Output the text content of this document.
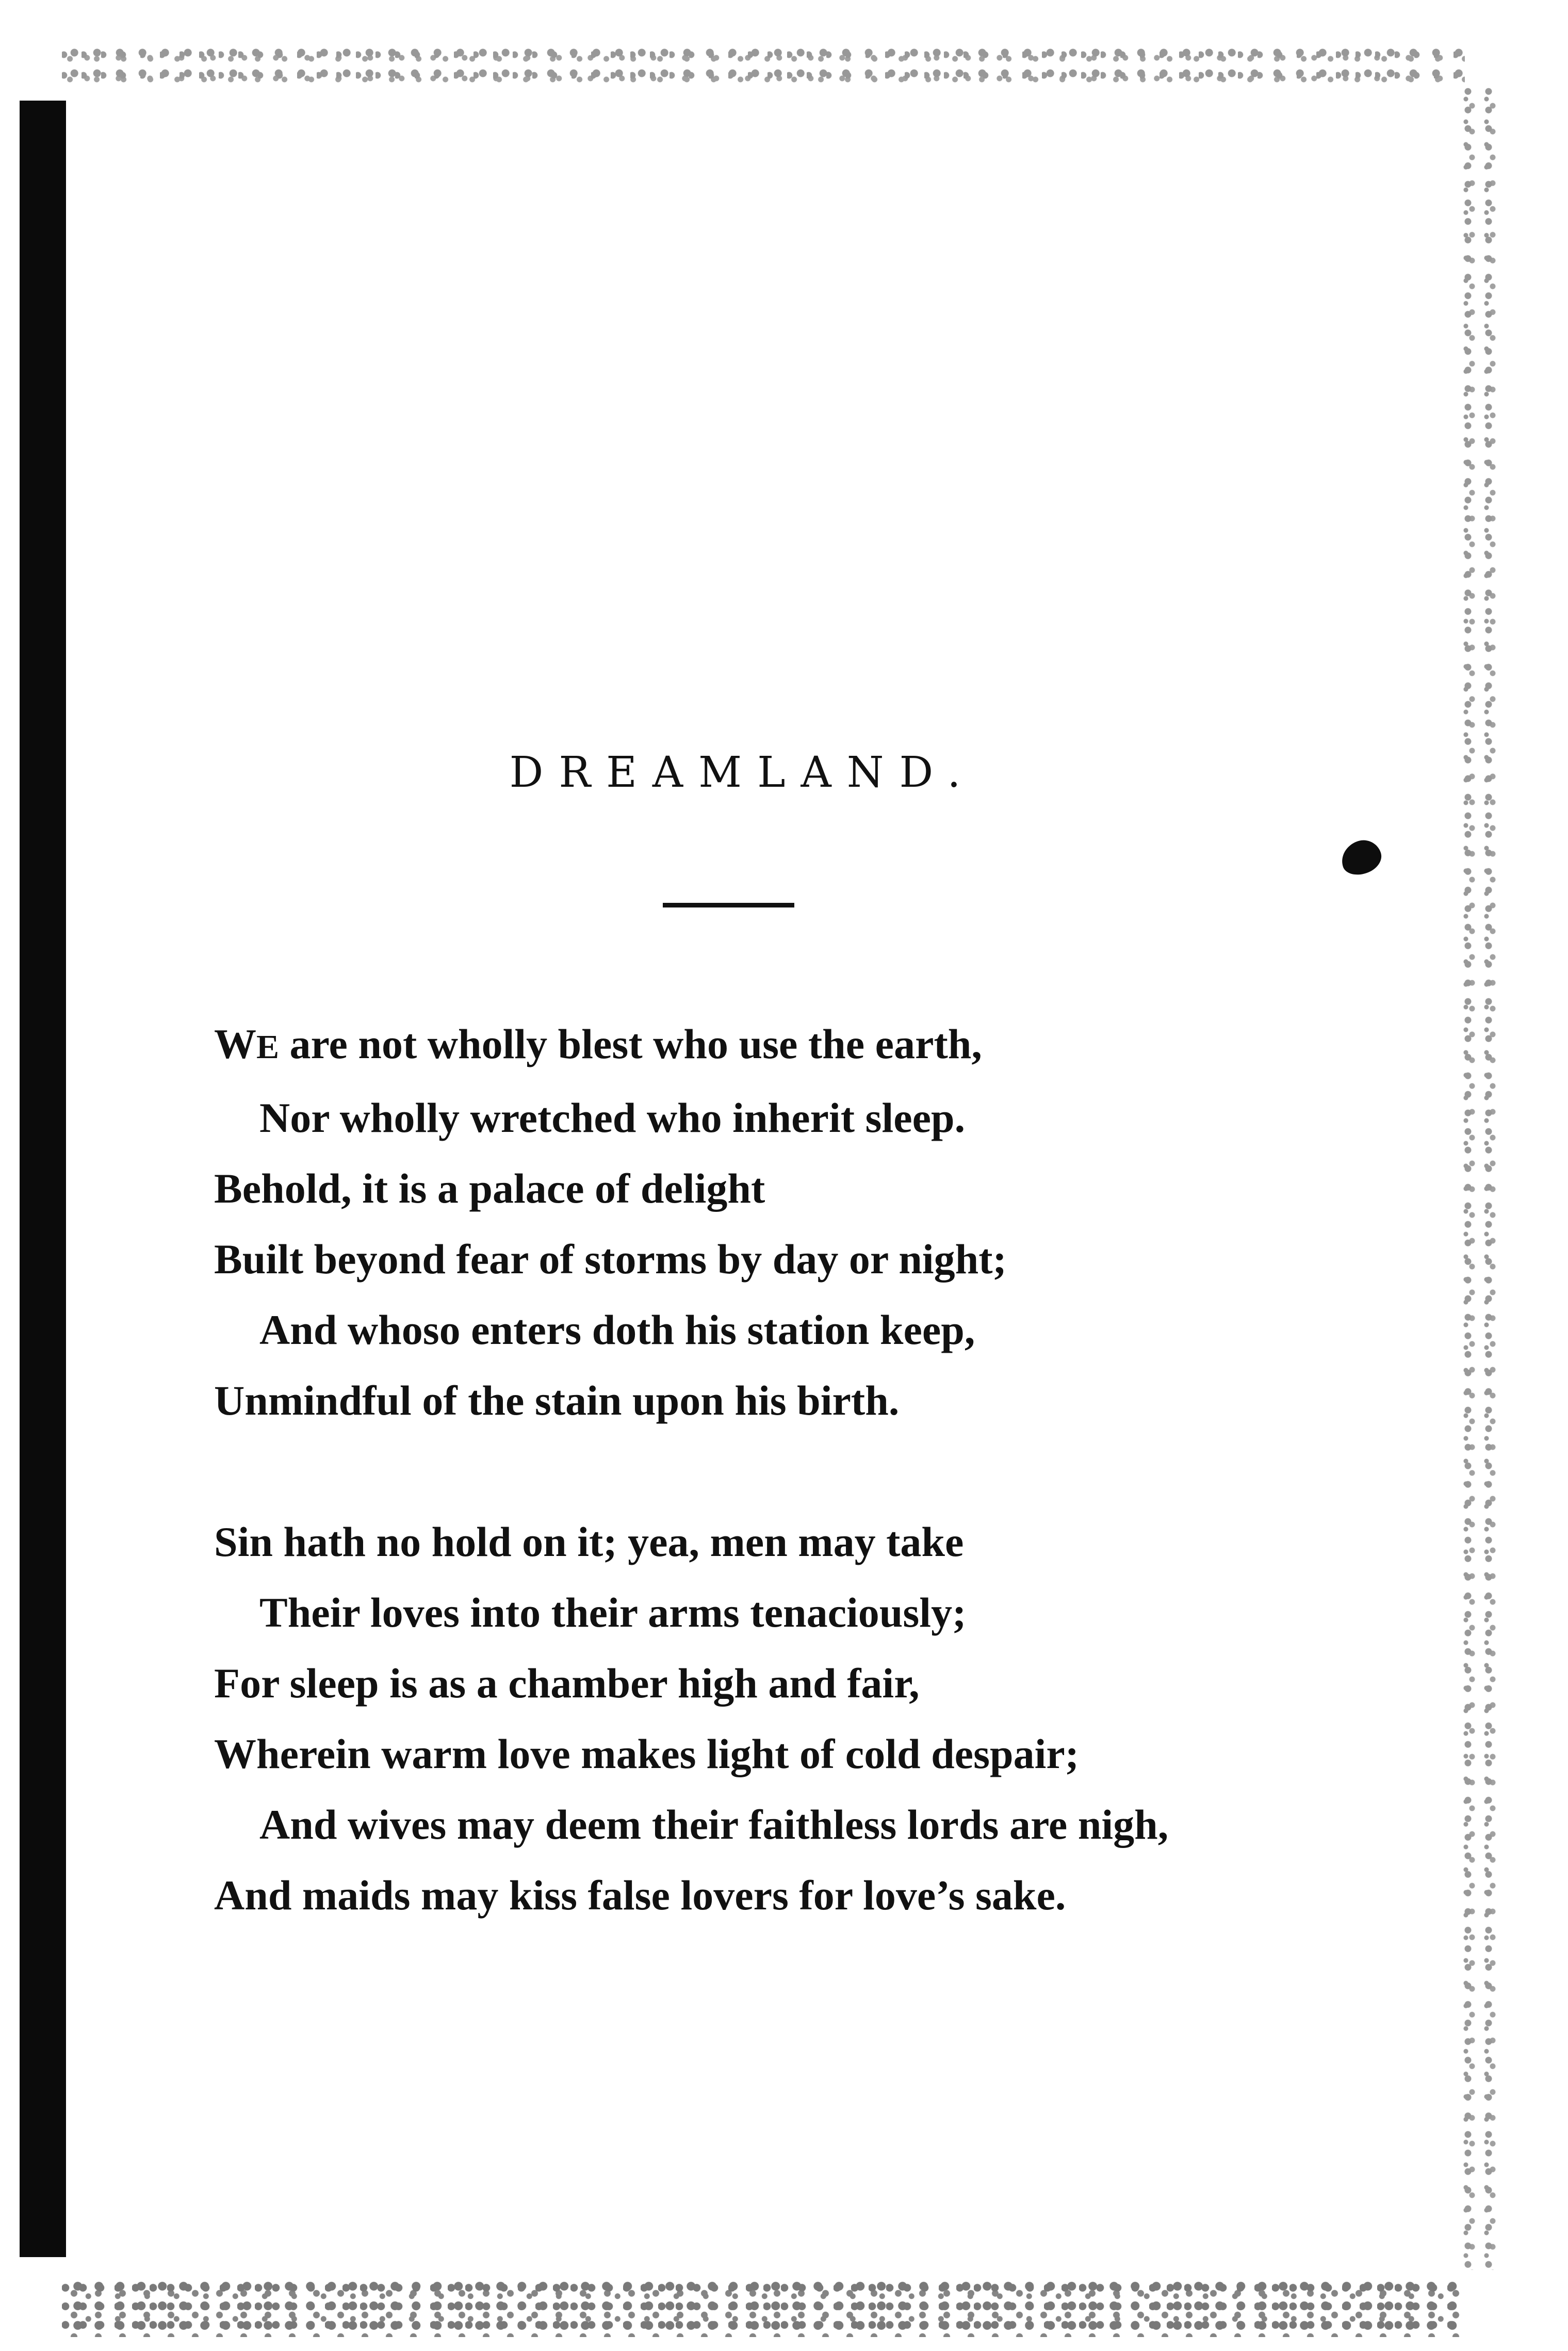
DREAMLAND.
WE are not wholly blest who use the earth,
Nor wholly wretched who inherit sleep.
Behold, it is a palace of delight
Built beyond fear of storms by day or night;
And whoso enters doth his station keep,
Unmindful of the stain upon his birth.
Sin hath no hold on it; yea, men may take
Their loves into their arms tenaciously;
For sleep is as a chamber high and fair,
Wherein warm love makes light of cold despair;
And wives may deem their faithless lords are nigh,
And maids may kiss false lovers for love’s sake.
